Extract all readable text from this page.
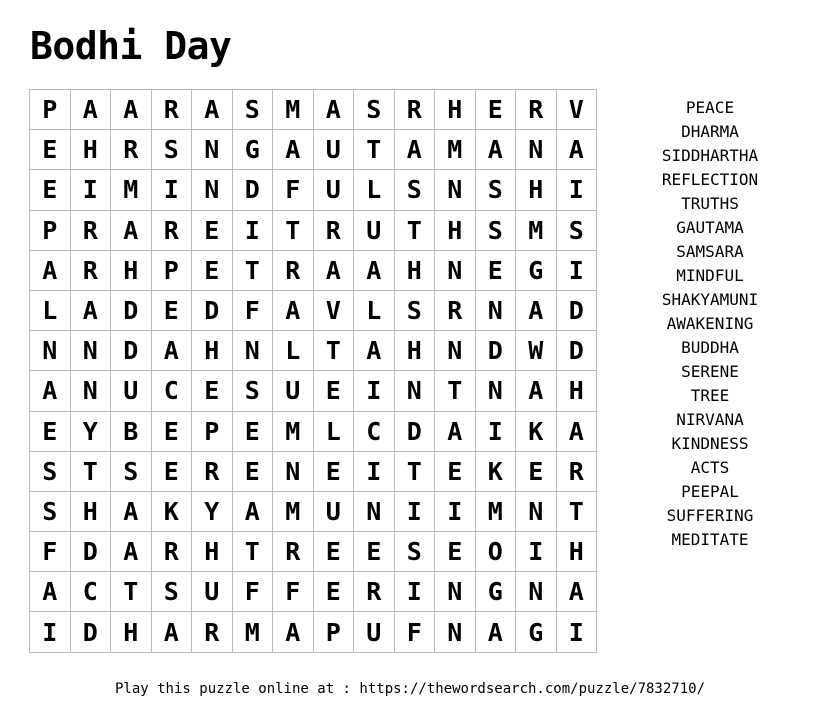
Bodhi Day
P	A	A	R	A	S	M	A	S	R	H	E	R	V
E	H	R	S	N	G	A	U	T	A	M	A	N	A
E	I	M	I	N	D	F	U	L	S	N	S	H	I
P	R	A	R	E	I	T	R	U	T	H	S	M	S
A	R	H	P	E	T	R	A	A	H	N	E	G	I
L	A	D	E	D	F	A	V	L	S	R	N	A	D
N	N	D	A	H	N	L	T	A	H	N	D	W	D
A	N	U	C	E	S	U	E	I	N	T	N	A	H
E	Y	B	E	P	E	M	L	C	D	A	I	K	A
S	T	S	E	R	E	N	E	I	T	E	K	E	R
S	H	A	K	Y	A	M	U	N	I	I	M	N	T
F	D	A	R	H	T	R	E	E	S	E	O	I	H
A	C	T	S	U	F	F	E	R	I	N	G	N	A
I	D	H	A	R	M	A	P	U	F	N	A	G	I
PEACE
DHARMA
SIDDHARTHA
REFLECTION
TRUTHS
GAUTAMA
SAMSARA
MINDFUL
SHAKYAMUNI
AWAKENING
BUDDHA
SERENE
TREE
NIRVANA
KINDNESS
ACTS
PEEPAL
SUFFERING
MEDITATE
Play this puzzle online at : https://thewordsearch.com/puzzle/7832710/
